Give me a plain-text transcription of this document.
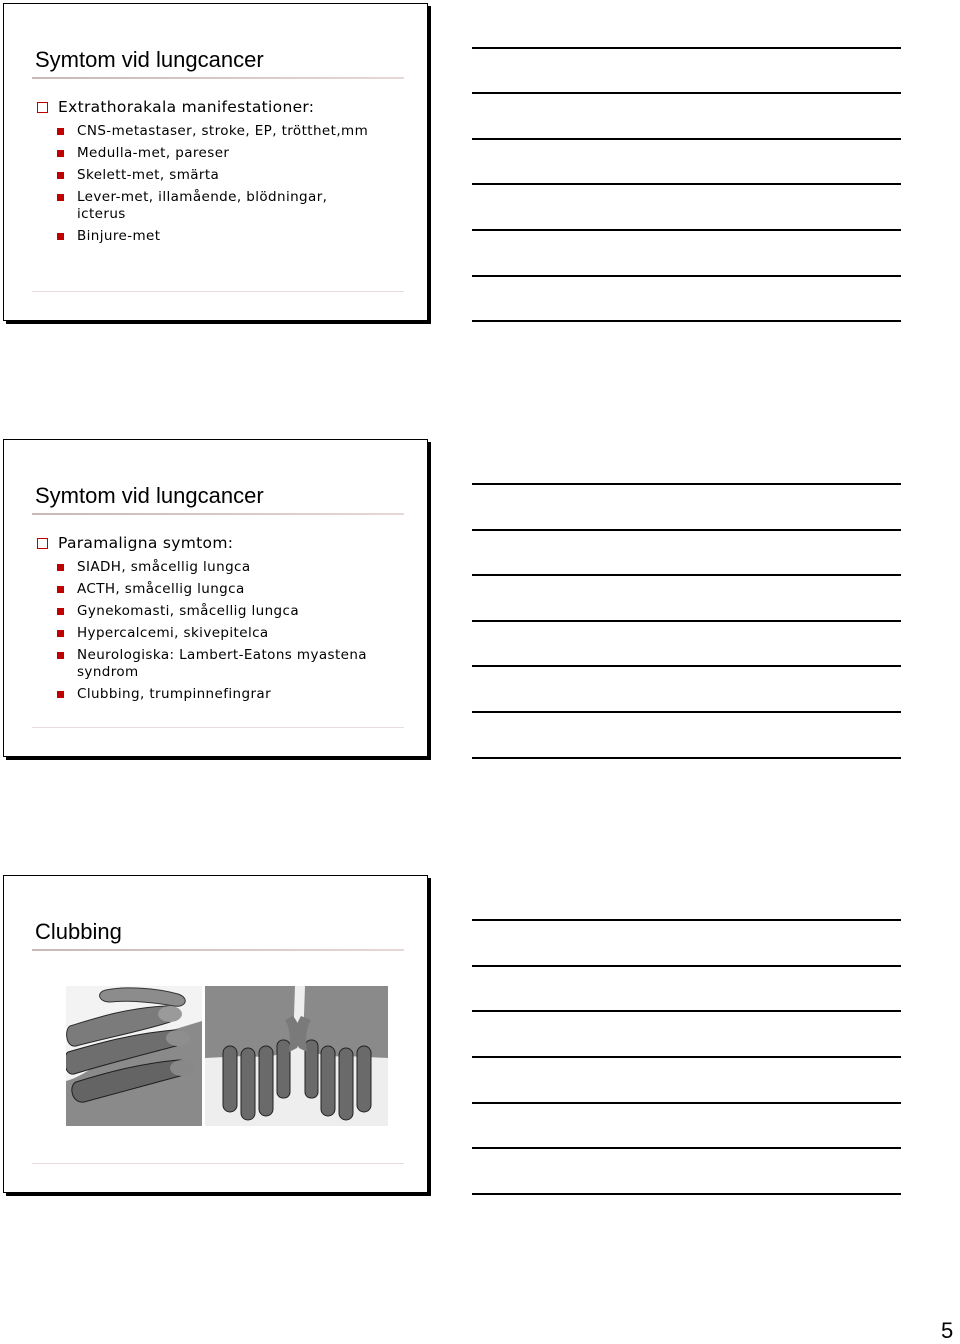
Symtom vid lungcancer
Extrathorakala manifestationer:
CNS-metastaser, stroke, EP, trötthet,mm
Medulla-met, pareser
Skelett-met, smärta
Lever-met, illamående, blödningar,
icterus
Binjure-met
Symtom vid lungcancer
Paramaligna symtom:
SIADH, småcellig lungca
ACTH, småcellig lungca
Gynekomasti, småcellig lungca
Hypercalcemi, skivepitelca
Neurologiska: Lambert-Eatons myastena
syndrom
Clubbing, trumpinnefingrar
Clubbing
5
